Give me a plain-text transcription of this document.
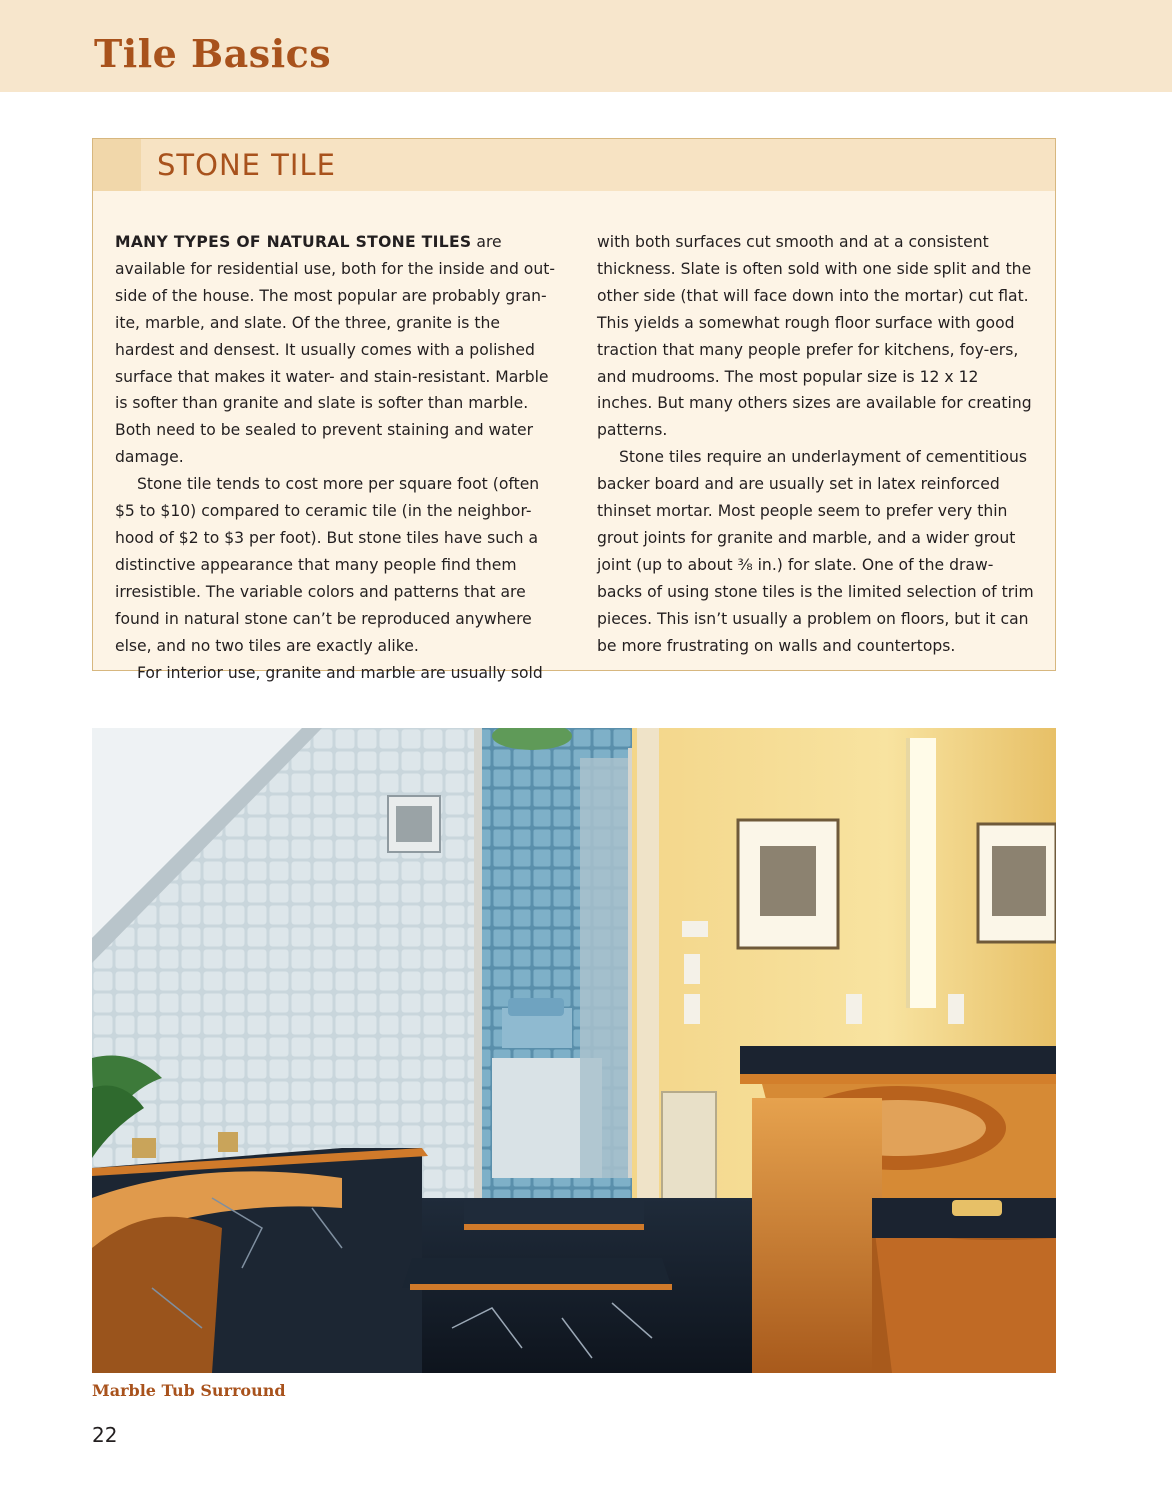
Tile Basics
STONE TILE

MANY TYPES OF NATURAL STONE TILES are available for residential use, both for the inside and out-side of the house. The most popular are probably gran-ite, marble, and slate. Of the three, granite is the hardest and densest. It usually comes with a polished surface that makes it water- and stain-resistant. Marble is softer than granite and slate is softer than marble. Both need to be sealed to prevent staining and water damage.

Stone tile tends to cost more per square foot (often $5 to $10) compared to ceramic tile (in the neighbor-hood of $2 to $3 per foot). But stone tiles have such a distinctive appearance that many people find them irresistible. The variable colors and patterns that are found in natural stone can’t be reproduced anywhere else, and no two tiles are exactly alike.

For interior use, granite and marble are usually sold

with both surfaces cut smooth and at a consistent thickness. Slate is often sold with one side split and the other side (that will face down into the mortar) cut flat. This yields a somewhat rough floor surface with good traction that many people prefer for kitchens, foy-ers, and mudrooms. The most popular size is 12 x 12 inches. But many others sizes are available for creating patterns.

Stone tiles require an underlayment of cementitious backer board and are usually set in latex reinforced thinset mortar. Most people seem to prefer very thin grout joints for granite and marble, and a wider grout joint (up to about ³⁄₈ in.) for slate. One of the draw-backs of using stone tiles is the limited selection of trim pieces. This isn’t usually a problem on floors, but it can be more frustrating on walls and countertops.

Marble Tub Surround

22
